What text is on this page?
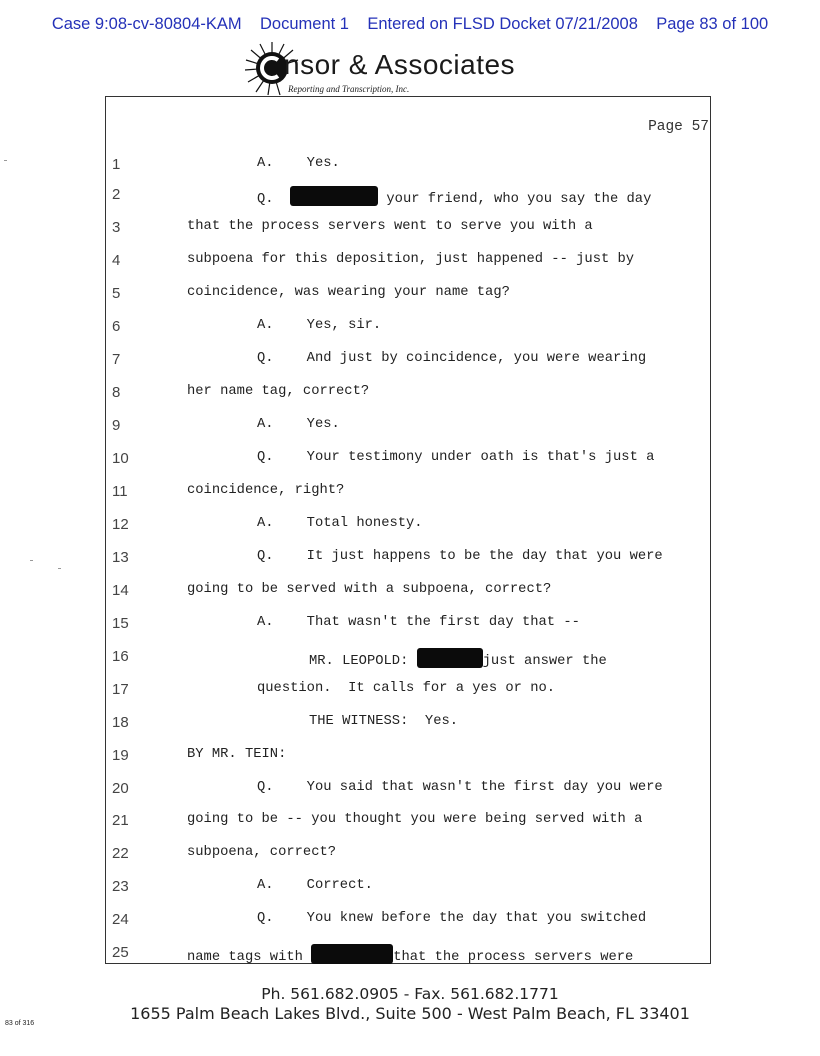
Case 9:08-cv-80804-KAM Document 1 Entered on FLSD Docket 07/21/2008 Page 83 of 100
nsor & Associates
Reporting and Transcription, Inc.
Page 57
1	A.    Yes.
2	Q.	your friend, who you say the day
3	that the process servers went to serve you with a
4	subpoena for this deposition, just happened -- just by
5	coincidence, was wearing your name tag?
6	A.    Yes, sir.
7	Q.    And just by coincidence, you were wearing
8	her name tag, correct?
9	A.    Yes.
10	Q.    Your testimony under oath is that's just a
11	coincidence, right?
12	A.    Total honesty.
13	Q.    It just happens to be the day that you were
14	going to be served with a subpoena, correct?
15	A.    That wasn't the first day that --
16	MR. LEOPOLD:	just answer the
17	question.  It calls for a yes or no.
18	THE WITNESS:  Yes.
19	BY MR. TEIN:
20	Q.    You said that wasn't the first day you were
21	going to be -- you thought you were being served with a
22	subpoena, correct?
23	A.    Correct.
24	Q.    You knew before the day that you switched
25	name tags with	that the process servers were
Ph. 561.682.0905 - Fax. 561.682.1771
1655 Palm Beach Lakes Blvd., Suite 500 - West Palm Beach, FL 33401
83 of 316
